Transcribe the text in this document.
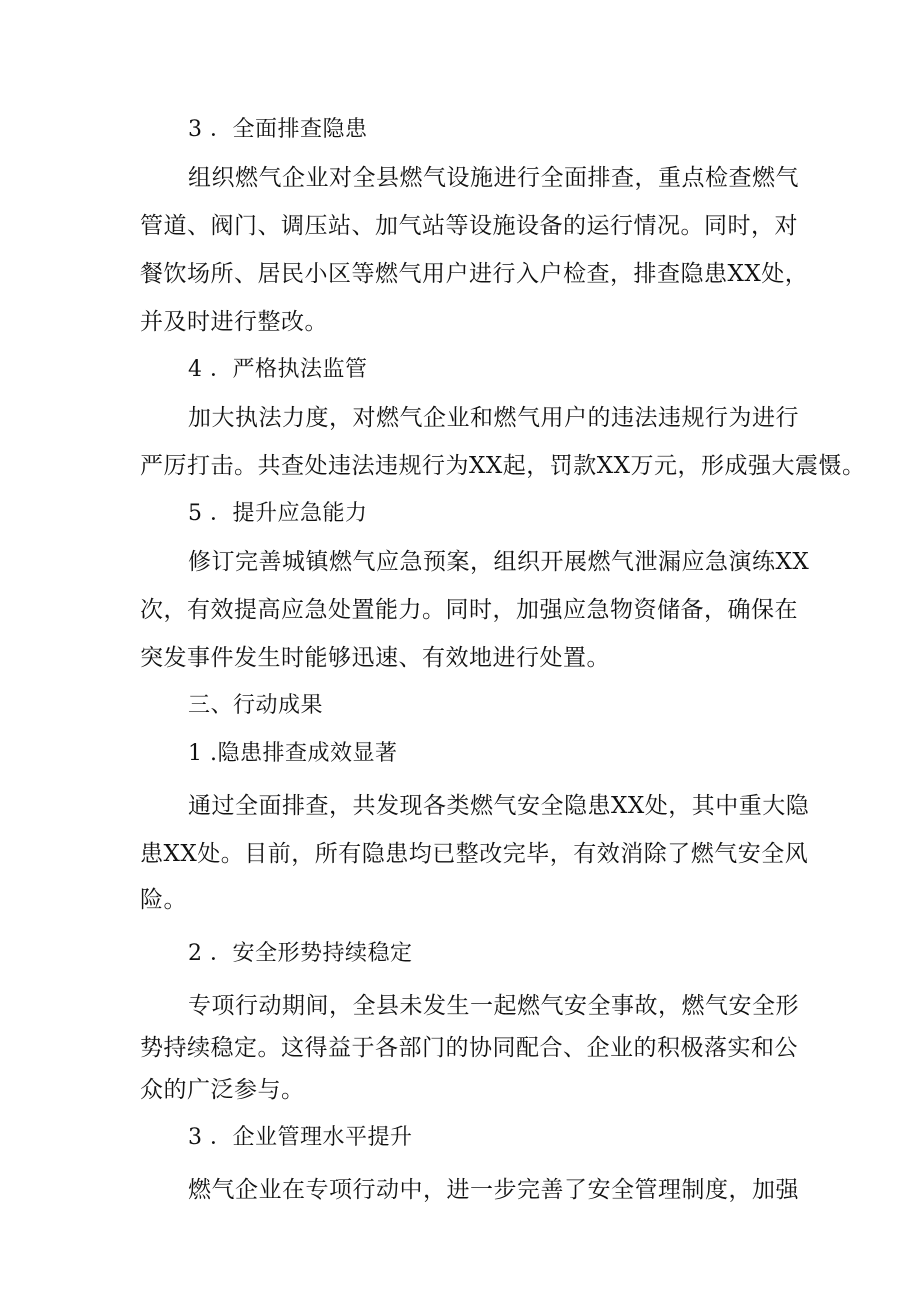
3 ．全面排查隐患
组织燃气企业对全县燃气设施进行全面排查，重点检查燃气
管道、阀门、调压站、加气站等设施设备的运行情况。同时，对
餐饮场所、居民小区等燃气用户进行入户检查，排查隐患XX处，
并及时进行整改。
4 ．严格执法监管
加大执法力度，对燃气企业和燃气用户的违法违规行为进行
严厉打击。共查处违法违规行为XX起，罚款XX万元，形成强大震慑。
5 ．提升应急能力
修订完善城镇燃气应急预案，组织开展燃气泄漏应急演练XX
次，有效提高应急处置能力。同时，加强应急物资储备，确保在
突发事件发生时能够迅速、有效地进行处置。
三、行动成果
1 .隐患排查成效显著
通过全面排查，共发现各类燃气安全隐患XX处，其中重大隐
患XX处。目前，所有隐患均已整改完毕，有效消除了燃气安全风
险。
2 ．安全形势持续稳定
专项行动期间，全县未发生一起燃气安全事故，燃气安全形
势持续稳定。这得益于各部门的协同配合、企业的积极落实和公
众的广泛参与。
3 ．企业管理水平提升
燃气企业在专项行动中，进一步完善了安全管理制度，加强
